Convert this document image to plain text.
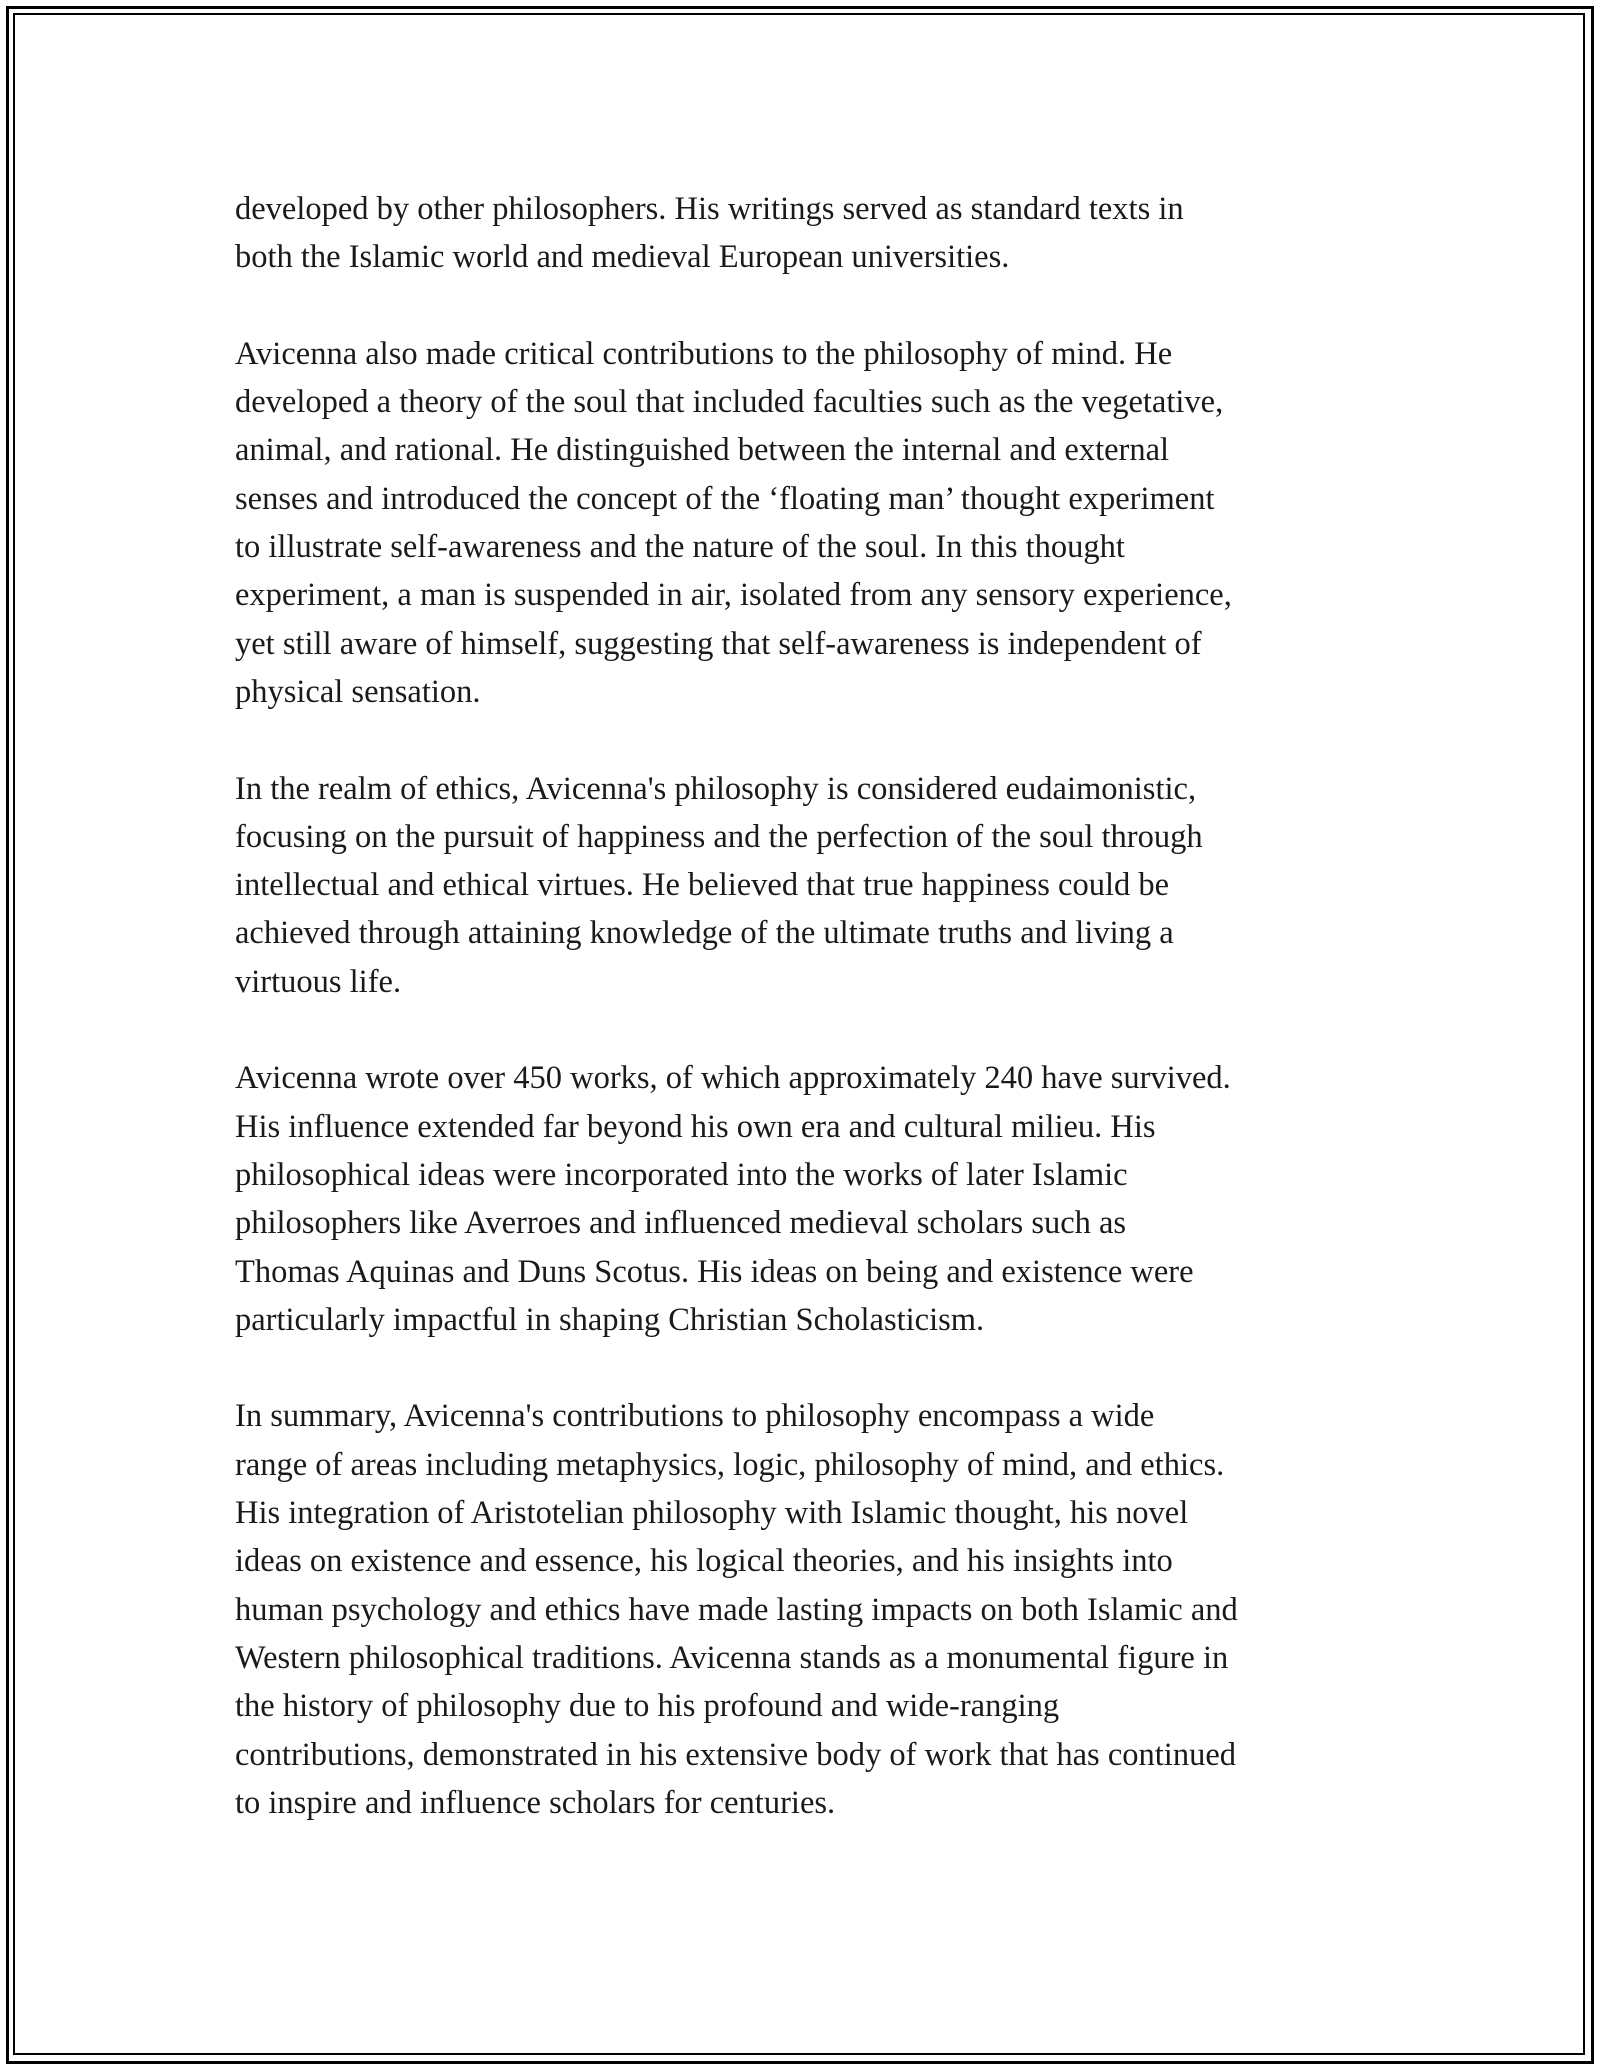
developed by other philosophers. His writings served as standard texts in
both the Islamic world and medieval European universities.

Avicenna also made critical contributions to the philosophy of mind. He
developed a theory of the soul that included faculties such as the vegetative,
animal, and rational. He distinguished between the internal and external
senses and introduced the concept of the ‘floating man’ thought experiment
to illustrate self-awareness and the nature of the soul. In this thought
experiment, a man is suspended in air, isolated from any sensory experience,
yet still aware of himself, suggesting that self-awareness is independent of
physical sensation.

In the realm of ethics, Avicenna's philosophy is considered eudaimonistic,
focusing on the pursuit of happiness and the perfection of the soul through
intellectual and ethical virtues. He believed that true happiness could be
achieved through attaining knowledge of the ultimate truths and living a
virtuous life.

Avicenna wrote over 450 works, of which approximately 240 have survived.
His influence extended far beyond his own era and cultural milieu. His
philosophical ideas were incorporated into the works of later Islamic
philosophers like Averroes and influenced medieval scholars such as
Thomas Aquinas and Duns Scotus. His ideas on being and existence were
particularly impactful in shaping Christian Scholasticism.

In summary, Avicenna's contributions to philosophy encompass a wide
range of areas including metaphysics, logic, philosophy of mind, and ethics.
His integration of Aristotelian philosophy with Islamic thought, his novel
ideas on existence and essence, his logical theories, and his insights into
human psychology and ethics have made lasting impacts on both Islamic and
Western philosophical traditions. Avicenna stands as a monumental figure in
the history of philosophy due to his profound and wide-ranging
contributions, demonstrated in his extensive body of work that has continued
to inspire and influence scholars for centuries.
